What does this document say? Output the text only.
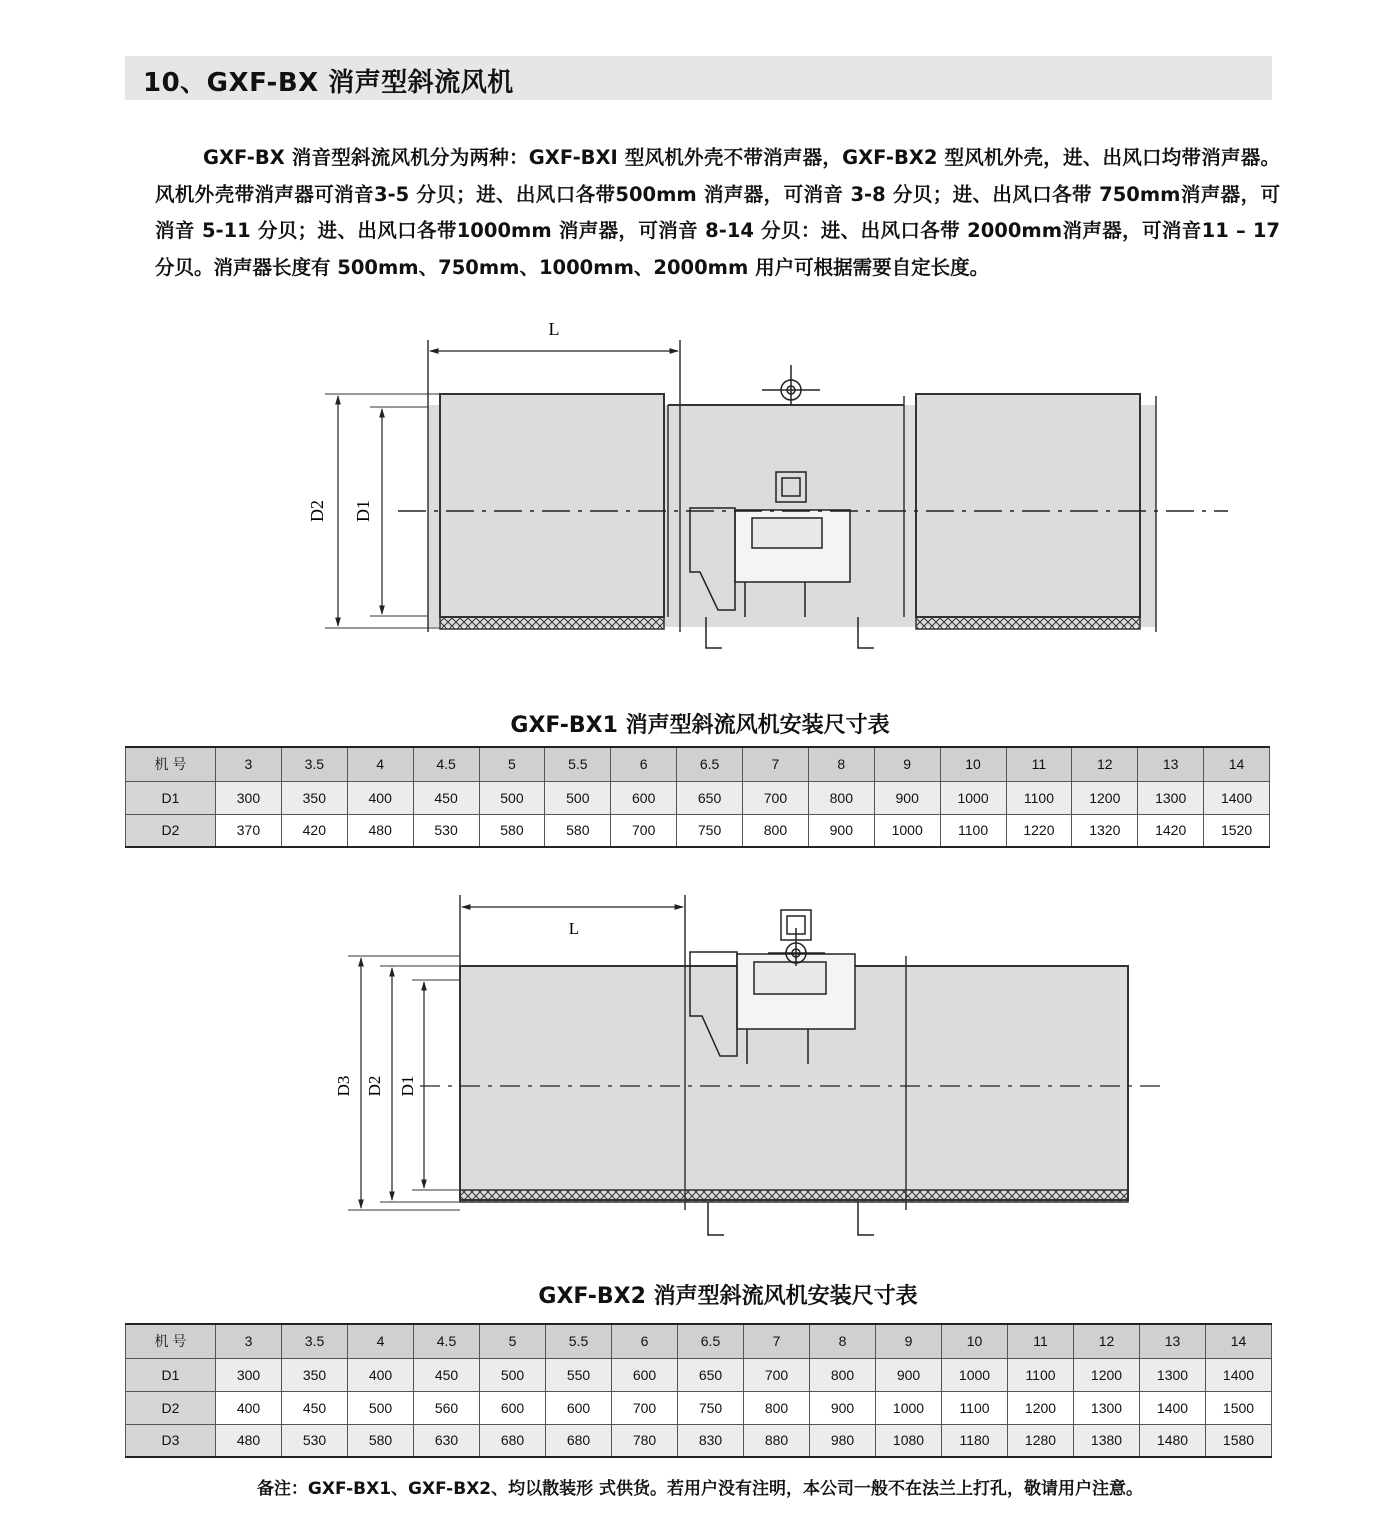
10、GXF-BX 消声型斜流风机

GXF-BX 消音型斜流风机分为两种：GXF-BXI 型风机外壳不带消声器，GXF-BX2 型风机外壳，进、出风口均带消声器。风机外壳带消声器可消音3-5 分贝；进、出风口各带500mm 消声器，可消音 3-8 分贝；进、出风口各带 750mm消声器，可消音 5-11 分贝；进、出风口各带1000mm 消声器，可消音 8-14 分贝：进、出风口各带 2000mm消声器，可消音11 – 17分贝。消声器长度有 500mm、750mm、1000mm、2000mm 用户可根据需要自定长度。

L
D2 D1
GXF-BX1 消声型斜流风机安装尺寸表
机 号	3	3.5	4	4.5	5	5.5	6	6.5	7	8	9	10	11	12	13	14
D1	300	350	400	450	500	500	600	650	700	800	900	1000	1100	1200	1300	1400
D2	370	420	480	530	580	580	700	750	800	900	1000	1100	1220	1320	1420	1520
L
D3 D2 D1
GXF-BX2 消声型斜流风机安装尺寸表
机 号	3	3.5	4	4.5	5	5.5	6	6.5	7	8	9	10	11	12	13	14
D1	300	350	400	450	500	550	600	650	700	800	900	1000	1100	1200	1300	1400
D2	400	450	500	560	600	600	700	750	800	900	1000	1100	1200	1300	1400	1500
D3	480	530	580	630	680	680	780	830	880	980	1080	1180	1280	1380	1480	1580
备注：GXF-BX1、GXF-BX2、均以散装形 式供货。若用户没有注明，本公司一般不在法兰上打孔，敬请用户注意。
